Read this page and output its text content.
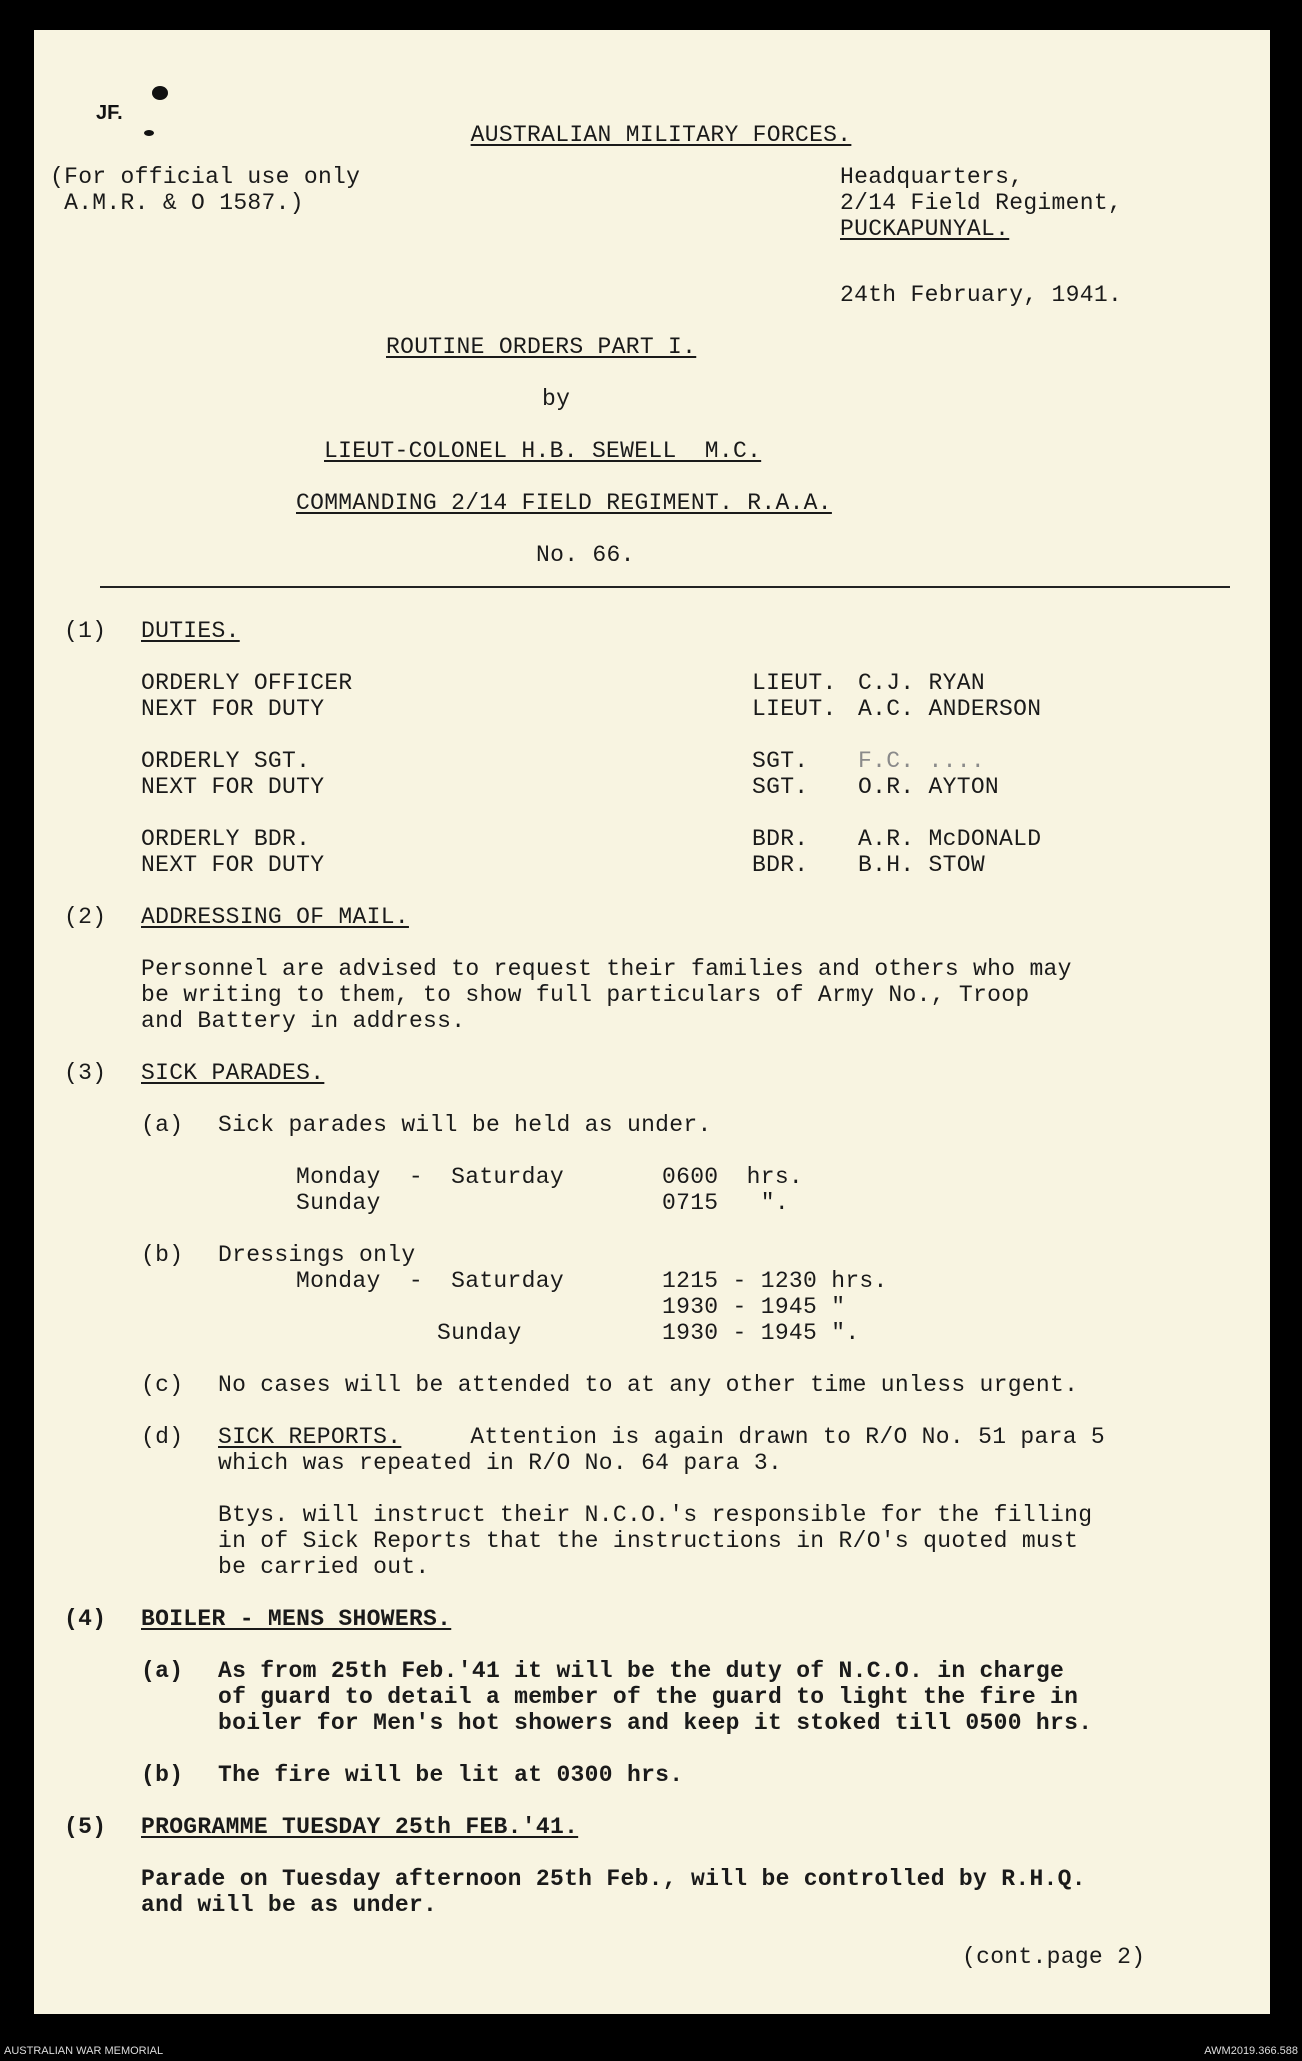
JF.
AUSTRALIAN MILITARY FORCES.
(For official use only
A.M.R. & O 1587.)
Headquarters,
2/14 Field Regiment,
PUCKAPUNYAL.
24th February, 1941.
ROUTINE ORDERS PART I.
by
LIEUT-COLONEL H.B. SEWELL  M.C.
COMMANDING 2/14 FIELD REGIMENT. R.A.A.
No. 66.
(1) DUTIES.
ORDERLY OFFICER	LIEUT. C.J. RYAN
NEXT FOR DUTY	LIEUT. A.C. ANDERSON
ORDERLY SGT.	SGT. F.C. ....
NEXT FOR DUTY	SGT. O.R. AYTON
ORDERLY BDR.	BDR. A.R. McDONALD
NEXT FOR DUTY	BDR. B.H. STOW
(2) ADDRESSING OF MAIL.
Personnel are advised to request their families and others who may
be writing to them, to show full particulars of Army No., Troop
and Battery in address.
(3) SICK PARADES.
(a) Sick parades will be held as under.
Monday  -  Saturday	0600  hrs.
Sunday	0715   ".
(b) Dressings only
Monday  -  Saturday	1215 - 1230 hrs.
1930 - 1945 "
Sunday	1930 - 1945 ".
(c) No cases will be attended to at any other time unless urgent.
(d) SICK REPORTS. Attention is again drawn to R/O No. 51 para 5
which was repeated in R/O No. 64 para 3.
Btys. will instruct their N.C.O.'s responsible for the filling
in of Sick Reports that the instructions in R/O's quoted must
be carried out.
(4) BOILER - MENS SHOWERS.
(a) As from 25th Feb.'41 it will be the duty of N.C.O. in charge
of guard to detail a member of the guard to light the fire in
boiler for Men's hot showers and keep it stoked till 0500 hrs.
(b) The fire will be lit at 0300 hrs.
(5) PROGRAMME TUESDAY 25th FEB.'41.
Parade on Tuesday afternoon 25th Feb., will be controlled by R.H.Q.
and will be as under.
(cont.page 2)
AUSTRALIAN WAR MEMORIAL	AWM2019.366.588
